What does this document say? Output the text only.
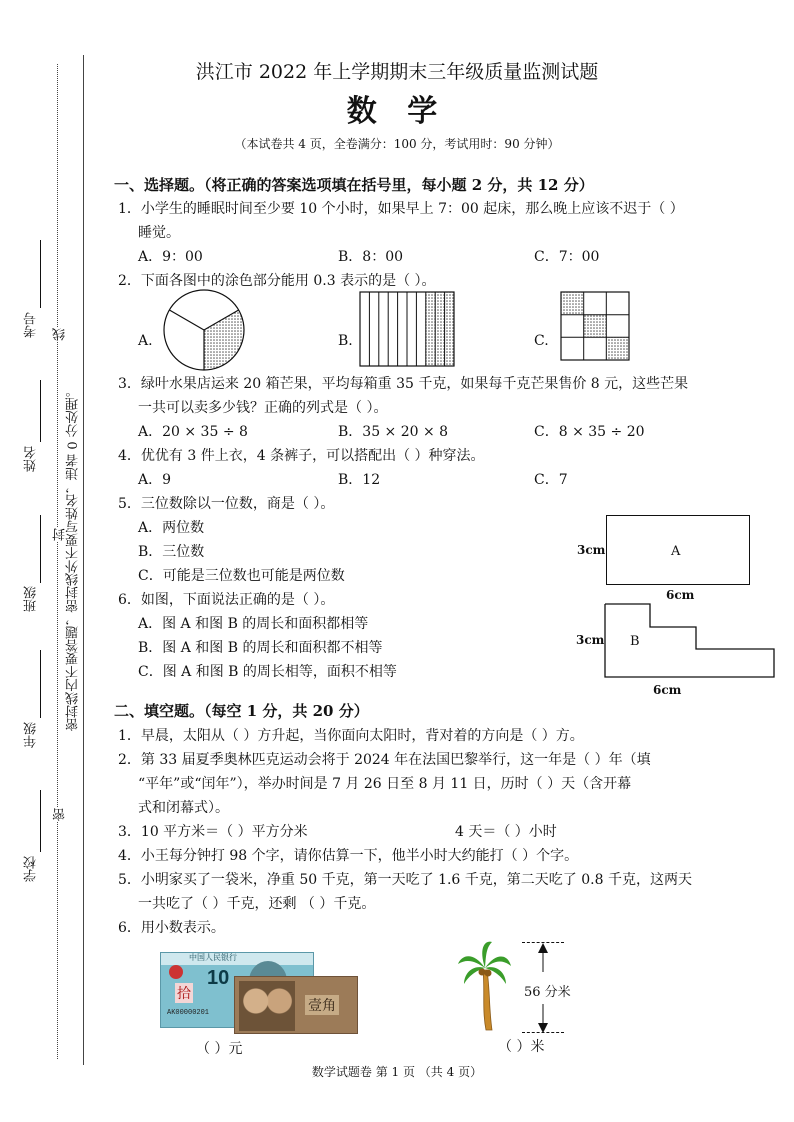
考号
姓名
班级
年级
学校
线
封
密
密封线内不要答题，密封线外不要写姓名，违者 0 分处理。
洪江市 2022 年上学期期末三年级质量监测试题
数 学
（本试卷共 4 页，全卷满分：100 分，考试用时：90 分钟）
一、选择题。（将正确的答案选项填在括号里，每小题 2 分，共 12 分）
1．小学生的睡眠时间至少要 10 个小时，如果早上 7：00 起床，那么晚上应该不迟于（ ）
睡觉。
A．9：00	B．8：00	C．7：00
2．下面各图中的涂色部分能用 0.3 表示的是（ ）。
A.	B.	C.
3．绿叶水果店运来 20 箱芒果，平均每箱重 35 千克，如果每千克芒果售价 8 元，这些芒果
一共可以卖多少钱？正确的列式是（ ）。
A．20 × 35 ÷ 8	B．35 × 20 × 8	C．8 × 35 ÷ 20
4．优优有 3 件上衣，4 条裤子，可以搭配出（ ）种穿法。
A．9	B．12	C．7
5．三位数除以一位数，商是（ ）。
A．两位数
B．三位数
C．可能是三位数也可能是两位数
6．如图，下面说法正确的是（ ）。
A．图 A 和图 B 的周长和面积都相等
B．图 A 和图 B 的周长和面积都不相等
C．图 A 和图 B 的周长相等，面积不相等
A
3cm
6cm
B
3cm
6cm
二、填空题。（每空 1 分，共 20 分）
1．早晨，太阳从（ ）方升起，当你面向太阳时，背对着的方向是（ ）方。
2．第 33 届夏季奥林匹克运动会将于 2024 年在法国巴黎举行，这一年是（ ）年（填
“平年”或“闰年”），举办时间是 7 月 26 日至 8 月 11 日，历时（ ）天（含开幕
式和闭幕式）。
3．10 平方米＝（ ）平方分米	4 天＝（ ）小时
4．小王每分钟打 98 个字，请你估算一下，他半小时大约能打（ ）个字。
5．小明家买了一袋米，净重 50 千克，第一天吃了 1.6 千克，第二天吃了 0.8 千克，这两天
一共吃了（ ）千克，还剩 （ ）千克。
6．用小数表示。
中国人民银行
10
拾
AK00000201	壹角
（ ）元
56 分米
（ ）米
数学试题卷 第 1 页 （共 4 页）
